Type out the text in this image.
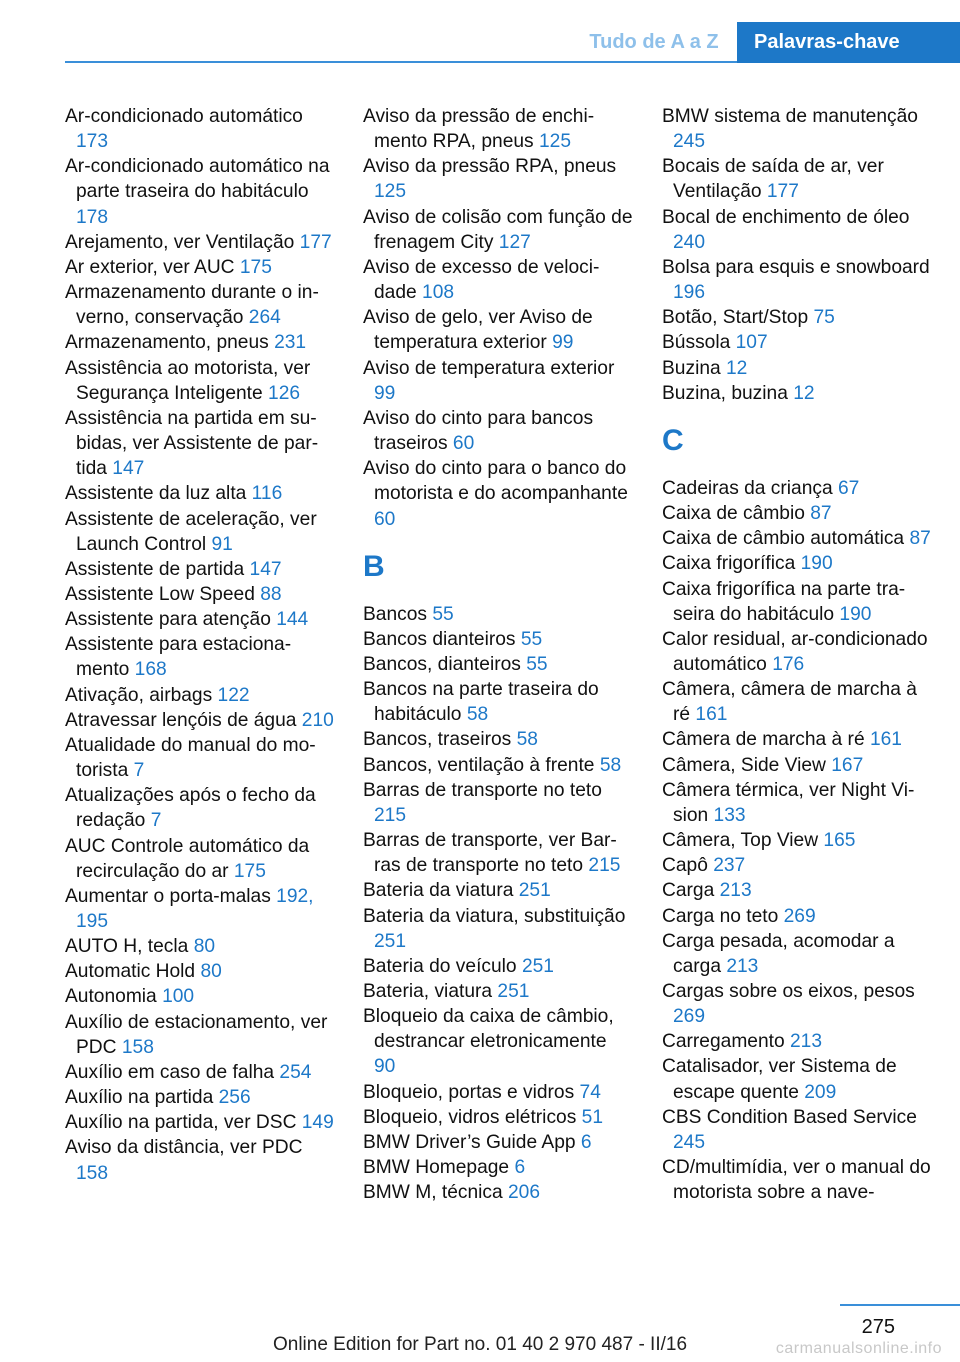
Tudo de A a Z	Palavras-chave

Ar-condicionado automático 173

Ar-condicionado automático na parte traseira do habitáculo 178

Arejamento, ver Ventilação 177

Ar exterior, ver AUC 175

Armazenamento durante o inverno, conservação 264

Armazenamento, pneus 231

Assistência ao motorista, ver Segurança Inteligente 126

Assistência na partida em subidas, ver Assistente de partida 147

Assistente da luz alta 116

Assistente de aceleração, ver Launch Control 91

Assistente de partida 147

Assistente Low Speed 88

Assistente para atenção 144

Assistente para estacionamento 168

Ativação, airbags 122

Atravessar lençóis de água 210

Atualidade do manual do motorista 7

Atualizações após o fecho da redação 7

AUC Controle automático da recirculação do ar 175

Aumentar o porta-malas 192, 195

AUTO H, tecla 80

Automatic Hold 80

Autonomia 100

Auxílio de estacionamento, ver PDC 158

Auxílio em caso de falha 254

Auxílio na partida 256

Auxílio na partida, ver DSC 149

Aviso da distância, ver PDC 158

Aviso da pressão de enchimento RPA, pneus 125

Aviso da pressão RPA, pneus 125

Aviso de colisão com função de frenagem City 127

Aviso de excesso de velocidade 108

Aviso de gelo, ver Aviso de temperatura exterior 99

Aviso de temperatura exterior 99

Aviso do cinto para bancos traseiros 60

Aviso do cinto para o banco do motorista e do acompanhante 60

B

Bancos 55

Bancos dianteiros 55

Bancos, dianteiros 55

Bancos na parte traseira do habitáculo 58

Bancos, traseiros 58

Bancos, ventilação à frente 58

Barras de transporte no teto 215

Barras de transporte, ver Barras de transporte no teto 215

Bateria da viatura 251

Bateria da viatura, substituição 251

Bateria do veículo 251

Bateria, viatura 251

Bloqueio da caixa de câmbio, destrancar eletronicamente 90

Bloqueio, portas e vidros 74

Bloqueio, vidros elétricos 51

BMW Driver’s Guide App 6

BMW Homepage 6

BMW M, técnica 206

BMW sistema de manutenção 245

Bocais de saída de ar, ver Ventilação 177

Bocal de enchimento de óleo 240

Bolsa para esquis e snowboard 196

Botão, Start/Stop 75

Bússola 107

Buzina 12

Buzina, buzina 12

C

Cadeiras da criança 67

Caixa de câmbio 87

Caixa de câmbio automática 87

Caixa frigorífica 190

Caixa frigorífica na parte traseira do habitáculo 190

Calor residual, ar-condicionado automático 176

Câmera, câmera de marcha à ré 161

Câmera de marcha à ré 161

Câmera, Side View 167

Câmera térmica, ver Night Vision 133

Câmera, Top View 165

Capô 237

Carga 213

Carga no teto 269

Carga pesada, acomodar a carga 213

Cargas sobre os eixos, pesos 269

Carregamento 213

Catalisador, ver Sistema de escape quente 209

CBS Condition Based Service 245

CD/multimídia, ver o manual do motorista sobre a nave-

275
Online Edition for Part no. 01 40 2 970 487 - II/16	carmanualsonline.info
